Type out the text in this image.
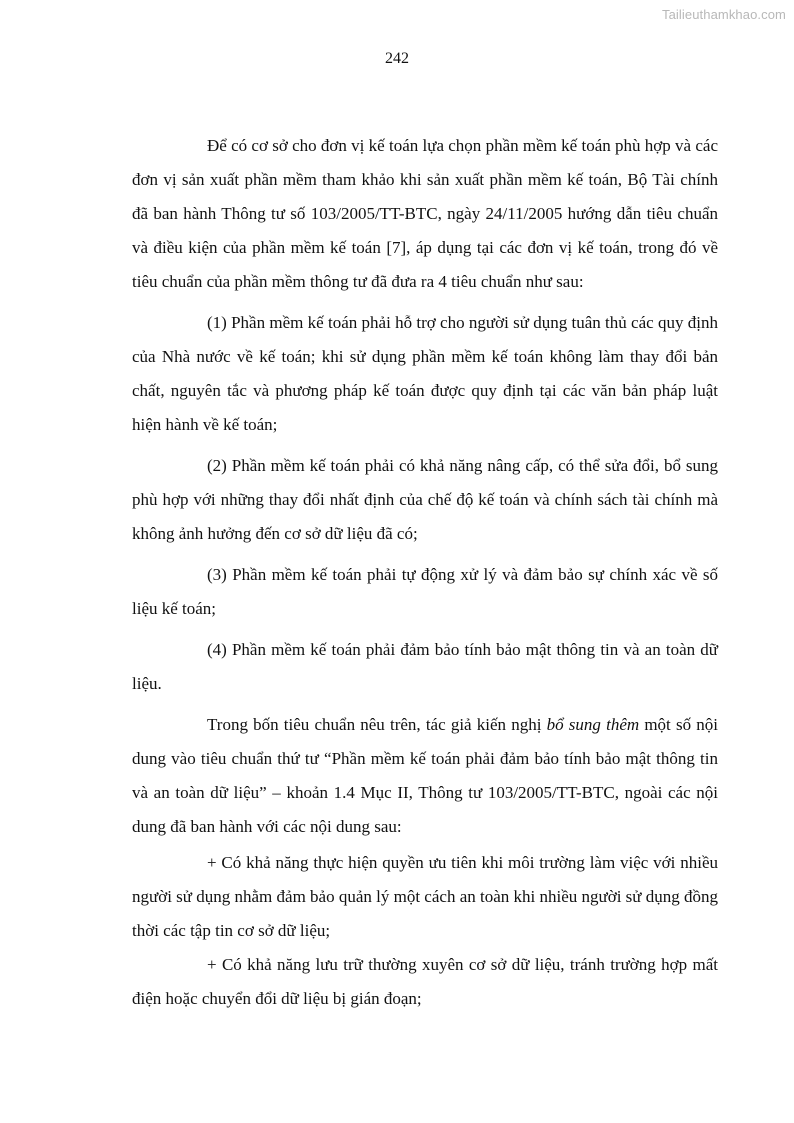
Tailieuthamkhao.com
242

Để có cơ sở cho đơn vị kế toán lựa chọn phần mềm kế toán phù hợp và các đơn vị sản xuất phần mềm tham khảo khi sản xuất phần mềm kế toán, Bộ Tài chính đã ban hành Thông tư số 103/2005/TT-BTC, ngày 24/11/2005 hướng dẫn tiêu chuẩn và điều kiện của phần mềm kế toán [7], áp dụng tại các đơn vị kế toán, trong đó về tiêu chuẩn của phần mềm thông tư đã đưa ra 4 tiêu chuẩn như sau:

(1) Phần mềm kế toán phải hỗ trợ cho người sử dụng tuân thủ các quy định của Nhà nước về kế toán; khi sử dụng phần mềm kế toán không làm thay đổi bản chất, nguyên tắc và phương pháp kế toán được quy định tại các văn bản pháp luật hiện hành về kế toán;

(2) Phần mềm kế toán phải có khả năng nâng cấp, có thể sửa đổi, bổ sung phù hợp với những thay đổi nhất định của chế độ kế toán và chính sách tài chính mà không ảnh hưởng đến cơ sở dữ liệu đã có;

(3) Phần mềm kế toán phải tự động xử lý và đảm bảo sự chính xác về số liệu kế toán;

(4) Phần mềm kế toán phải đảm bảo tính bảo mật thông tin và an toàn dữ liệu.

Trong bốn tiêu chuẩn nêu trên, tác giả kiến nghị bổ sung thêm một số nội dung vào tiêu chuẩn thứ tư “Phần mềm kế toán phải đảm bảo tính bảo mật thông tin và an toàn dữ liệu” – khoản 1.4 Mục II, Thông tư 103/2005/TT-BTC, ngoài các nội dung đã ban hành với các nội dung sau:

+ Có khả năng thực hiện quyền ưu tiên khi môi trường làm việc với nhiều người sử dụng nhằm đảm bảo quản lý một cách an toàn khi nhiều người sử dụng đồng thời các tập tin cơ sở dữ liệu;

+ Có khả năng lưu trữ thường xuyên cơ sở dữ liệu, tránh trường hợp mất điện hoặc chuyển đổi dữ liệu bị gián đoạn;
